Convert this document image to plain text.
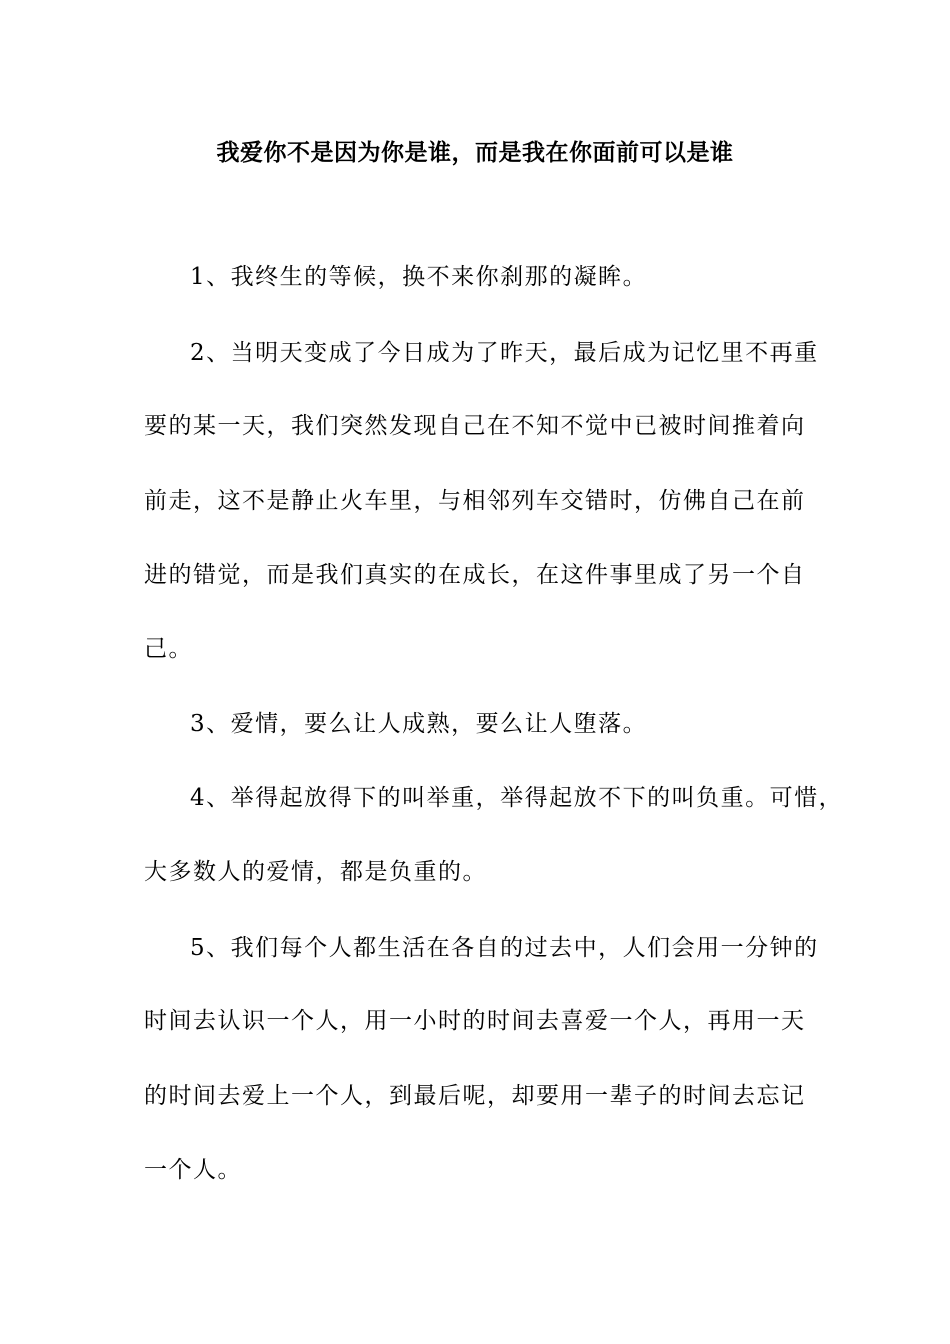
我爱你不是因为你是谁，而是我在你面前可以是谁
1、我终生的等候，换不来你刹那的凝眸。
2、当明天变成了今日成为了昨天，最后成为记忆里不再重
要的某一天，我们突然发现自己在不知不觉中已被时间推着向
前走，这不是静止火车里，与相邻列车交错时，仿佛自己在前
进的错觉，而是我们真实的在成长，在这件事里成了另一个自
己。
3、爱情，要么让人成熟，要么让人堕落。
4、举得起放得下的叫举重，举得起放不下的叫负重。可惜，
大多数人的爱情，都是负重的。
5、我们每个人都生活在各自的过去中，人们会用一分钟的
时间去认识一个人，用一小时的时间去喜爱一个人，再用一天
的时间去爱上一个人，到最后呢，却要用一辈子的时间去忘记
一个人。
